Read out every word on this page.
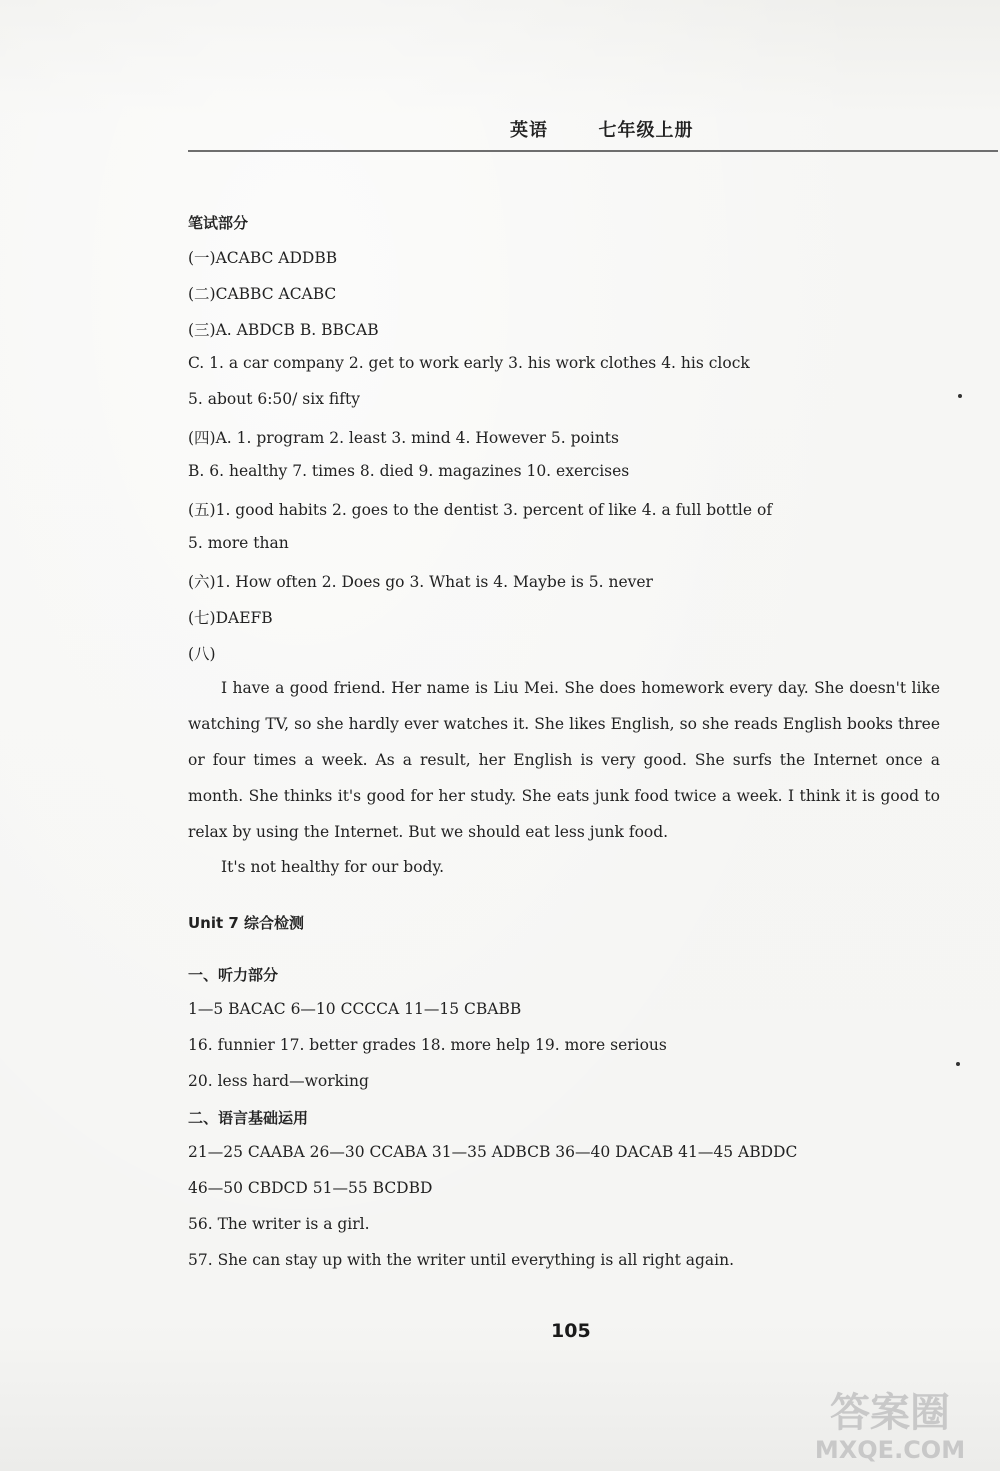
英语  七年级上册
笔试部分
(一)ACABC ADDBB
(二)CABBC ACABC
(三)A. ABDCB B. BBCAB
C. 1. a car company 2. get to work early 3. his work clothes 4. his clock
5. about 6:50/ six fifty
(四)A. 1. program 2. least 3. mind 4. However 5. points
B. 6. healthy 7. times 8. died 9. magazines 10. exercises
(五)1. good habits 2. goes to the dentist 3. percent of like 4. a full bottle of
5. more than
(六)1. How often 2. Does go 3. What is 4. Maybe is 5. never
(七)DAEFB
(八)
I have a good friend. Her name is Liu Mei. She does homework every day. She doesn't like watching TV, so she hardly ever watches it. She likes English, so she reads English books three or four times a week. As a result, her English is very good. She surfs the Internet once a month. She thinks it's good for her study. She eats junk food twice a week. I think it is good to relax by using the Internet. But we should eat less junk food.
It's not healthy for our body.
Unit 7 综合检测
一、听力部分
1—5 BACAC 6—10 CCCCA 11—15 CBABB
16. funnier 17. better grades 18. more help 19. more serious
20. less hard—working
二、语言基础运用
21—25 CAABA 26—30 CCABA 31—35 ADBCB 36—40 DACAB 41—45 ABDDC
46—50 CBDCD 51—55 BCDBD
56. The writer is a girl.
57. She can stay up with the writer until everything is all right again.
105
答案圈
MXQE.COM
